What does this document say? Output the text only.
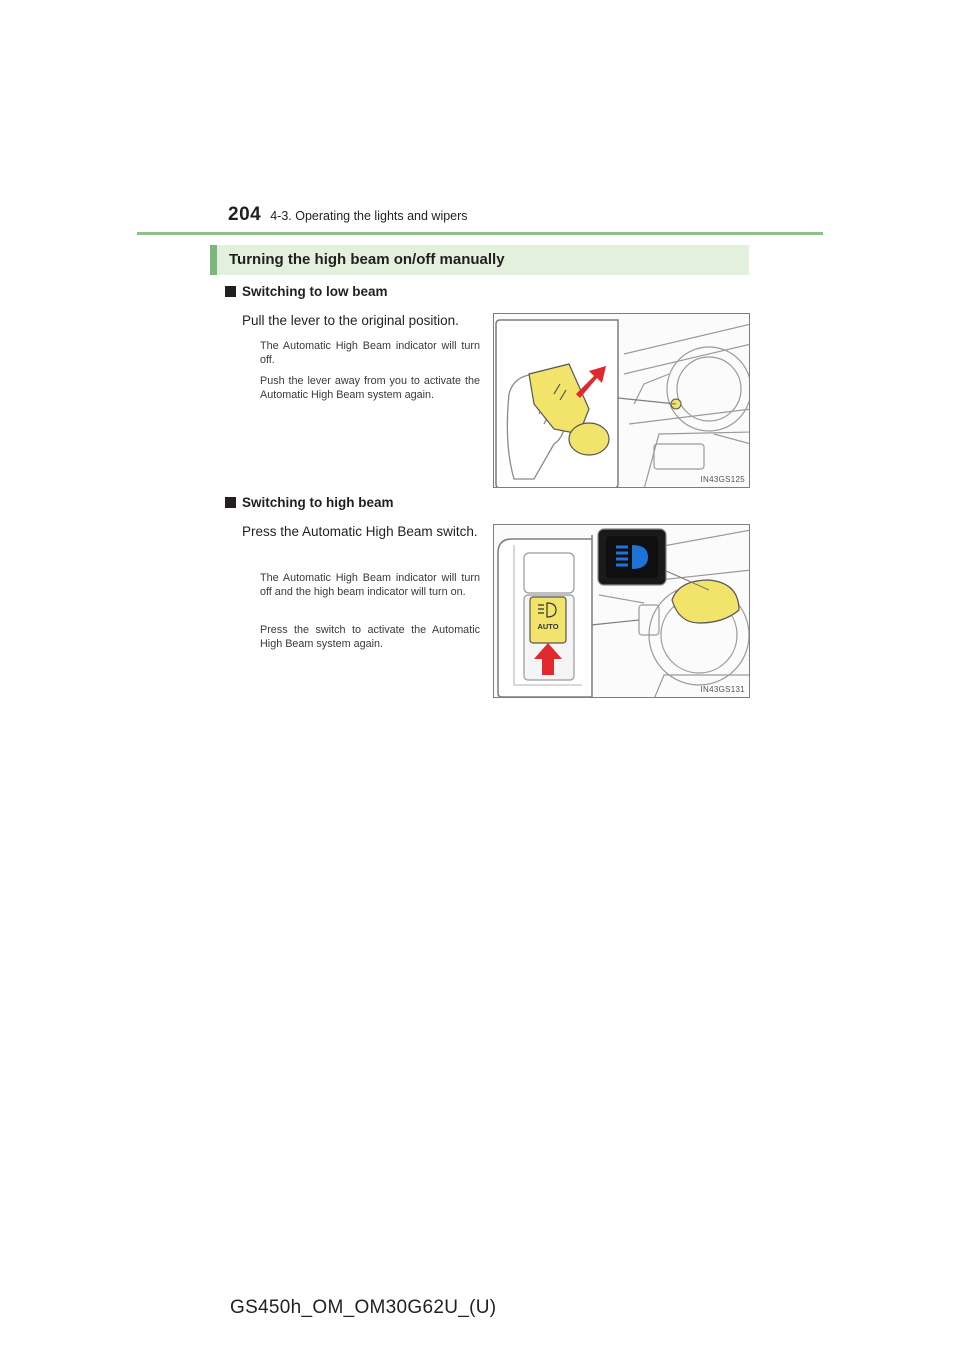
204 4-3. Operating the lights and wipers
Turning the high beam on/off manually
Switching to low beam
Pull the lever to the original position.
The Automatic High Beam indicator will turn off.
Push the lever away from you to activate the Automatic High Beam system again.
IN43GS125
Switching to high beam
Press the Automatic High Beam switch.
The Automatic High Beam indicator will turn off and the high beam indicator will turn on.
Press the switch to activate the Automatic High Beam system again.
AUTO
IN43GS131
GS450h_OM_OM30G62U_(U)
